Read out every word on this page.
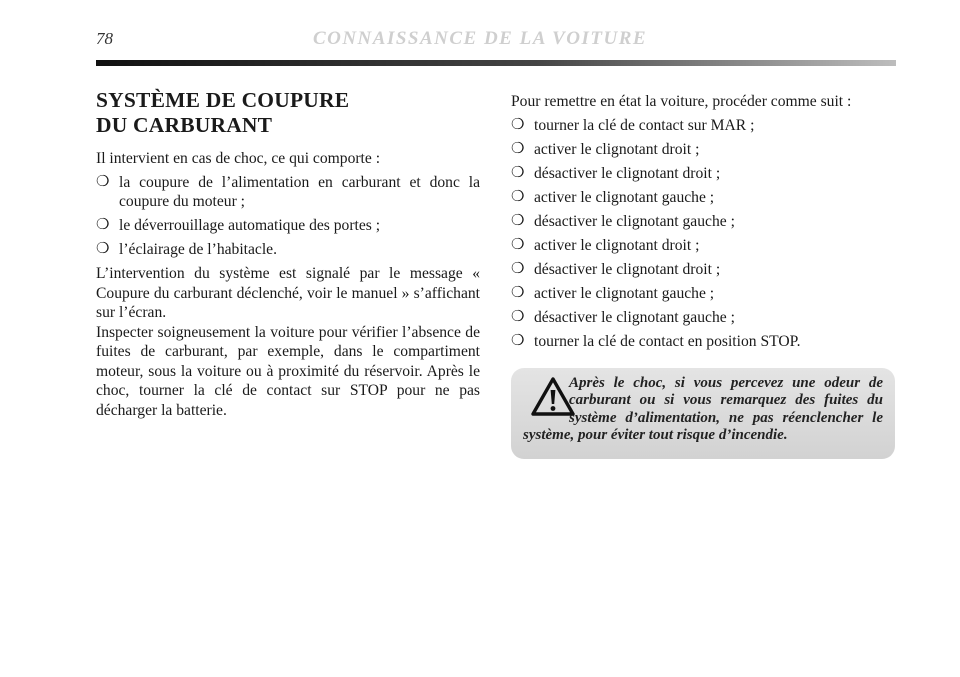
78	CONNAISSANCE DE LA VOITURE
SYSTÈME DE COUPURE
DU CARBURANT

Il intervient en cas de choc, ce qui comporte :

❍ la coupure de l’alimentation en carburant et donc la coupure du moteur ;
❍ le déverrouillage automatique des portes ;
❍ l’éclairage de l’habitacle.

L’intervention du système est signalé par le message « Coupure du carburant déclenché, voir le manuel » s’affichant sur l’écran.

Inspecter soigneusement la voiture pour vérifier l’absence de fuites de carburant, par exemple, dans le compartiment moteur, sous la voiture ou à proximité du réservoir. Après le choc, tourner la clé de contact sur STOP pour ne pas décharger la batterie.

Pour remettre en état la voiture, procéder comme suit :

❍ tourner la clé de contact sur MAR ;
❍ activer le clignotant droit ;
❍ désactiver le clignotant droit ;
❍ activer le clignotant gauche ;
❍ désactiver le clignotant gauche ;
❍ activer le clignotant droit ;
❍ désactiver le clignotant droit ;
❍ activer le clignotant gauche ;
❍ désactiver le clignotant gauche ;
❍ tourner la clé de contact en position STOP.
Après le choc, si vous percevez une odeur de carburant ou si vous remarquez des fuites du système d’alimentation, ne pas réenclencher le système, pour éviter tout risque d’incendie.
